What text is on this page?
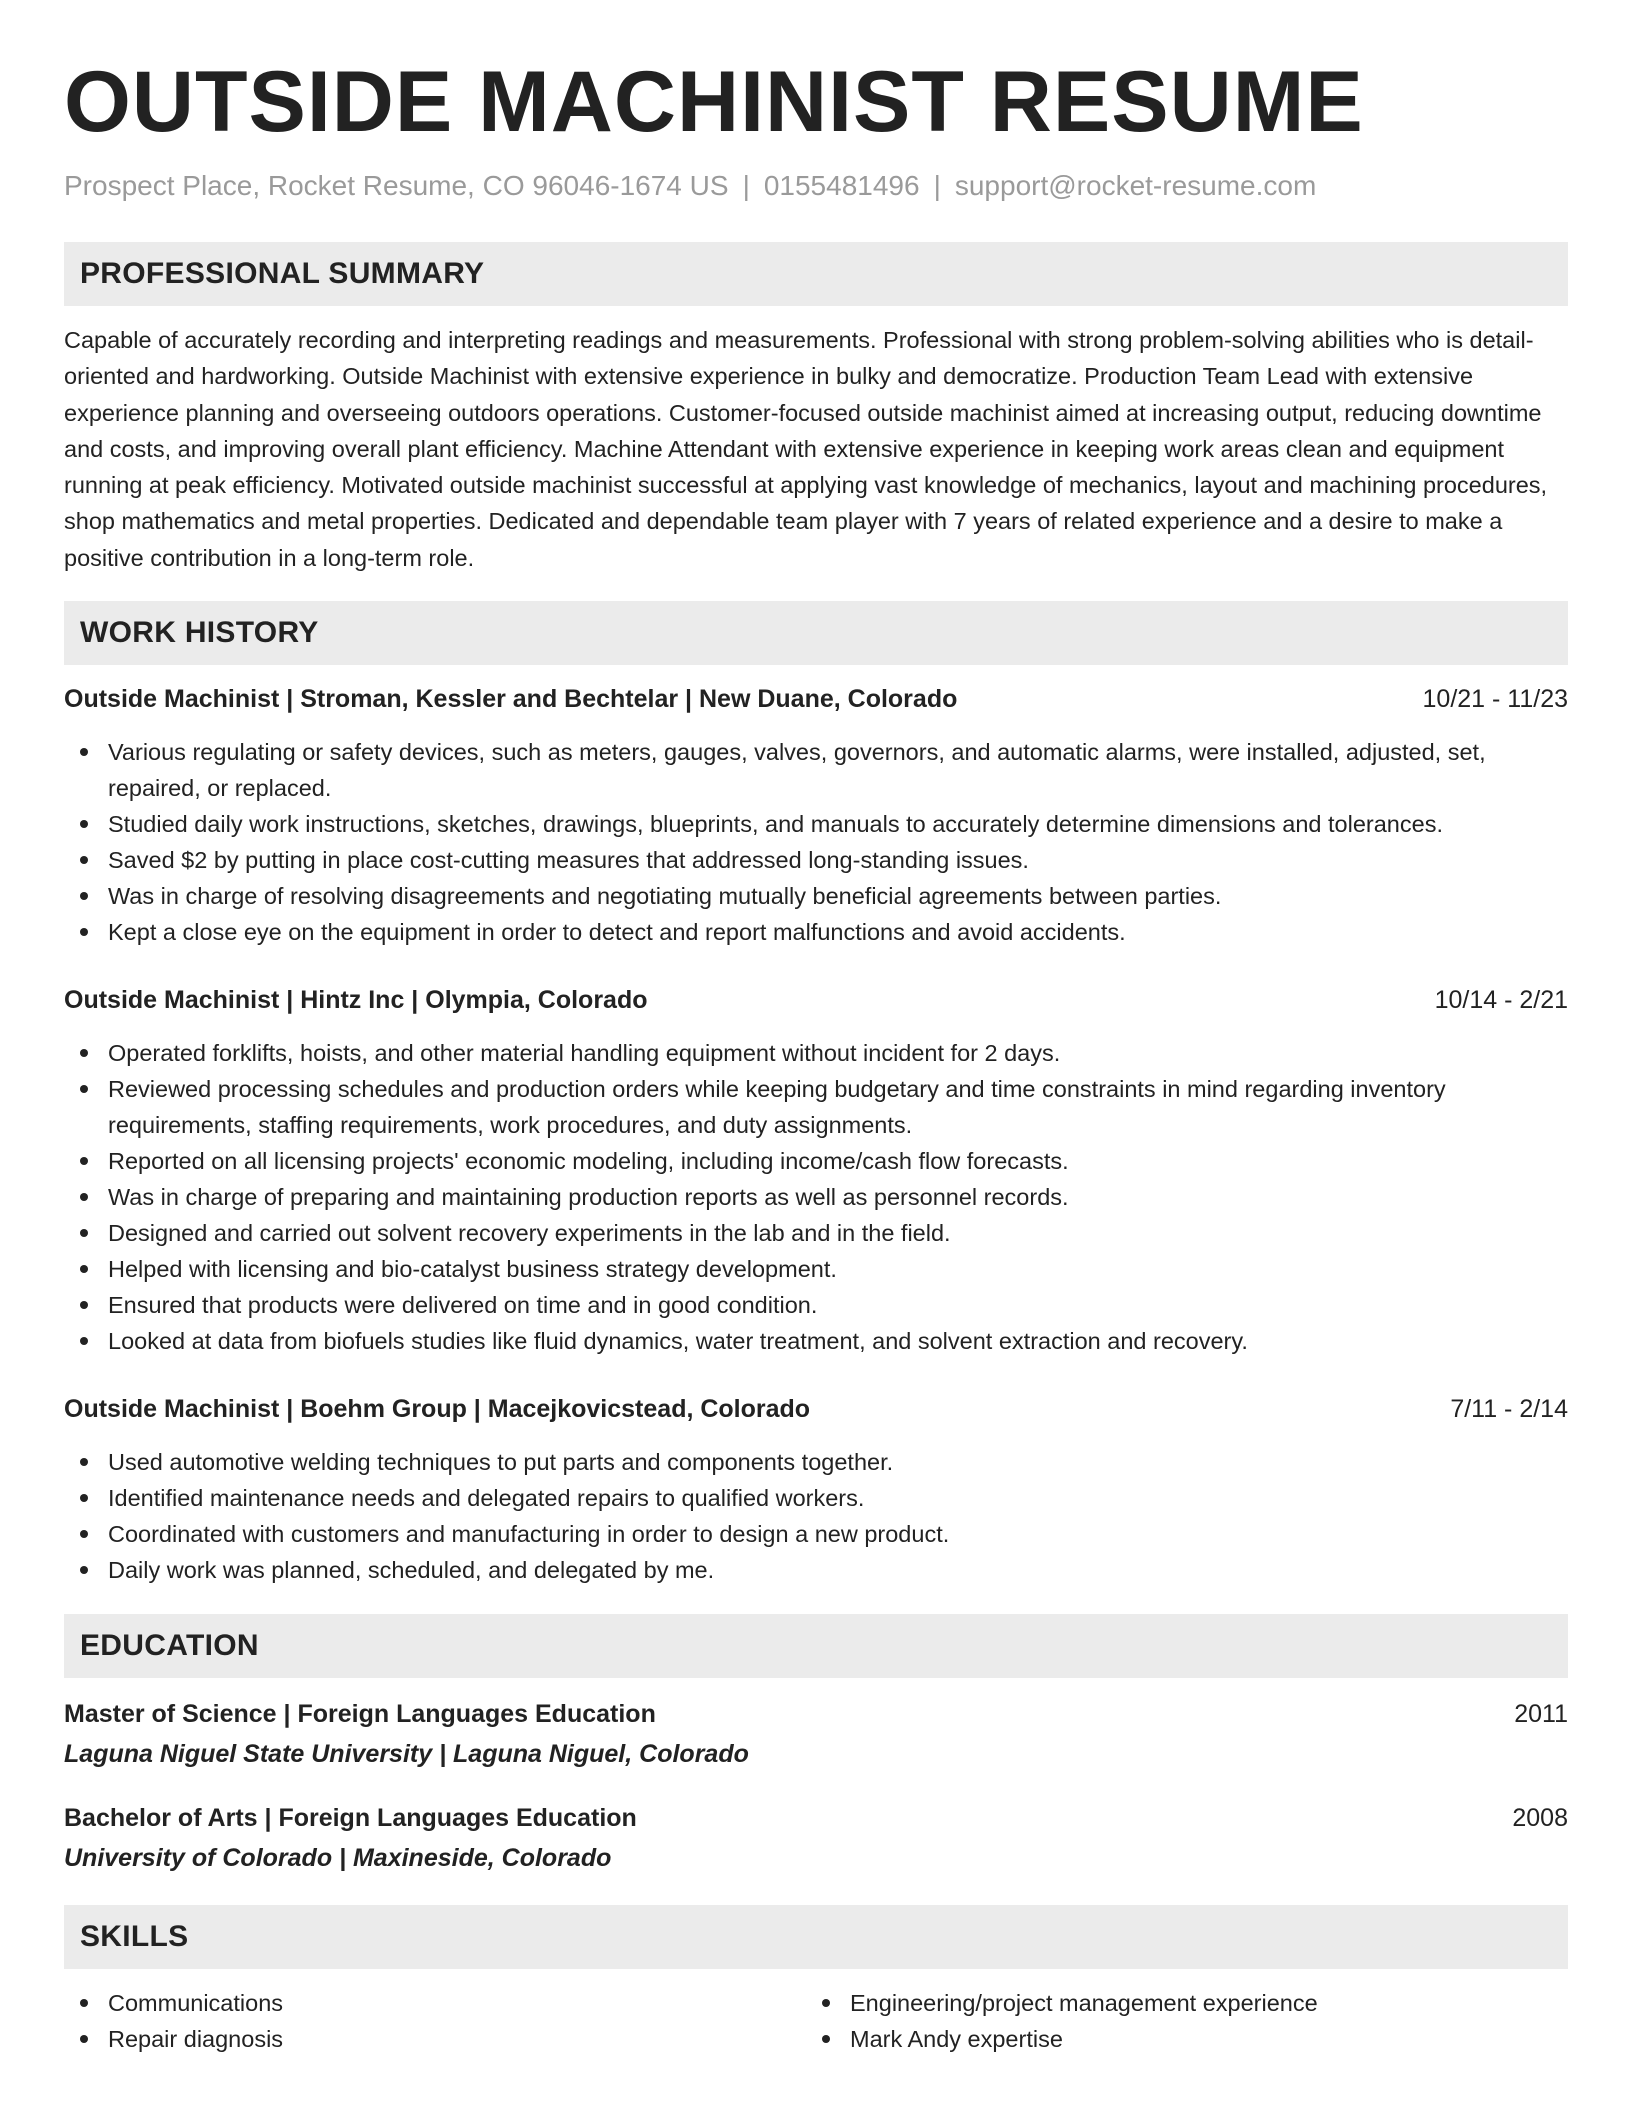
OUTSIDE MACHINIST RESUME
Prospect Place, Rocket Resume, CO 96046-1674 US | 0155481496 | support@rocket-resume.com
PROFESSIONAL SUMMARY
Capable of accurately recording and interpreting readings and measurements. Professional with strong problem-solving abilities who is detail-oriented and hardworking. Outside Machinist with extensive experience in bulky and democratize. Production Team Lead with extensive experience planning and overseeing outdoors operations. Customer-focused outside machinist aimed at increasing output, reducing downtime and costs, and improving overall plant efficiency. Machine Attendant with extensive experience in keeping work areas clean and equipment running at peak efficiency. Motivated outside machinist successful at applying vast knowledge of mechanics, layout and machining procedures, shop mathematics and metal properties. Dedicated and dependable team player with 7 years of related experience and a desire to make a positive contribution in a long-term role.
WORK HISTORY
Outside Machinist | Stroman, Kessler and Bechtelar | New Duane, Colorado	10/21 - 11/23
Various regulating or safety devices, such as meters, gauges, valves, governors, and automatic alarms, were installed, adjusted, set, repaired, or replaced.
Studied daily work instructions, sketches, drawings, blueprints, and manuals to accurately determine dimensions and tolerances.
Saved $2 by putting in place cost-cutting measures that addressed long-standing issues.
Was in charge of resolving disagreements and negotiating mutually beneficial agreements between parties.
Kept a close eye on the equipment in order to detect and report malfunctions and avoid accidents.
Outside Machinist | Hintz Inc | Olympia, Colorado	10/14 - 2/21
Operated forklifts, hoists, and other material handling equipment without incident for 2 days.
Reviewed processing schedules and production orders while keeping budgetary and time constraints in mind regarding inventory requirements, staffing requirements, work procedures, and duty assignments.
Reported on all licensing projects' economic modeling, including income/cash flow forecasts.
Was in charge of preparing and maintaining production reports as well as personnel records.
Designed and carried out solvent recovery experiments in the lab and in the field.
Helped with licensing and bio-catalyst business strategy development.
Ensured that products were delivered on time and in good condition.
Looked at data from biofuels studies like fluid dynamics, water treatment, and solvent extraction and recovery.
Outside Machinist | Boehm Group | Macejkovicstead, Colorado	7/11 - 2/14
Used automotive welding techniques to put parts and components together.
Identified maintenance needs and delegated repairs to qualified workers.
Coordinated with customers and manufacturing in order to design a new product.
Daily work was planned, scheduled, and delegated by me.
EDUCATION
Master of Science | Foreign Languages Education	2011
Laguna Niguel State University | Laguna Niguel, Colorado
Bachelor of Arts | Foreign Languages Education	2008
University of Colorado | Maxineside, Colorado
SKILLS
Communications
Repair diagnosis
Engineering/project management experience
Mark Andy expertise
